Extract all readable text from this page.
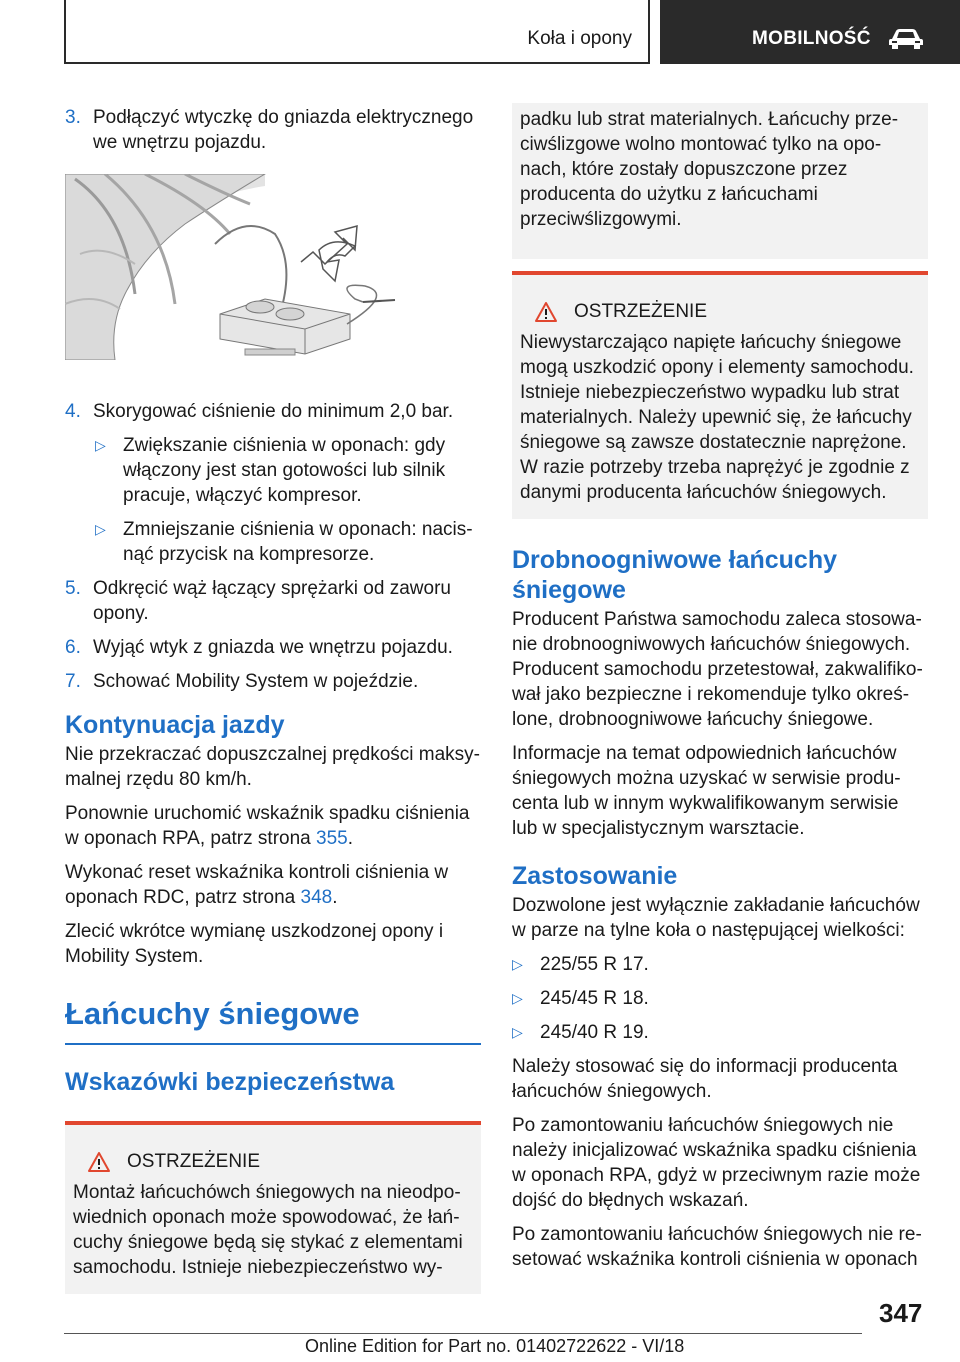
Koła i opony	MOBILNOŚĆ
3. Podłączyć wtyczkę do gniazda elektrycznego we wnętrzu pojazdu.
4. Skorygować ciśnienie do minimum 2,0 bar.
▷ Zwiększanie ciśnienia w oponach: gdy włączony jest stan gotowości lub silnik pracuje, włączyć kompresor.
▷ Zmniejszanie ciśnienia w oponach: nacisnąć przycisk na kompresorze.
5. Odkręcić wąż łączący sprężarki od zaworu opony.
6. Wyjąć wtyk z gniazda we wnętrzu pojazdu.
7. Schować Mobility System w pojeździe.
Kontynuacja jazdy

Nie przekraczać dopuszczalnej prędkości maksymalnej rzędu 80 km/h.

Ponownie uruchomić wskaźnik spadku ciśnienia w oponach RPA, patrz strona 355.

Wykonać reset wskaźnika kontroli ciśnienia w oponach RDC, patrz strona 348.

Zlecić wkrótce wymianę uszkodzonej opony i Mobility System.

Łańcuchy śniegowe
Wskazówki bezpieczeństwa
OSTRZEŻENIE

Montaż łańcuchówch śniegowych na nieodpowiednich oponach może spowodować, że łańcuchy śniegowe będą się stykać z elementami samochodu. Istnieje niebezpieczeństwo wy-

padku lub strat materialnych. Łańcuchy przeciwślizgowe wolno montować tylko na oponach, które zostały dopuszczone przez producenta do użytku z łańcuchami przeciwślizgowymi.

OSTRZEŻENIE

Niewystarczająco napięte łańcuchy śniegowe mogą uszkodzić opony i elementy samochodu. Istnieje niebezpieczeństwo wypadku lub strat materialnych. Należy upewnić się, że łańcuchy śniegowe są zawsze dostatecznie naprężone. W razie potrzeby trzeba naprężyć je zgodnie z danymi producenta łańcuchów śniegowych.

Drobnoogniwowe łańcuchy śniegowe

Producent Państwa samochodu zaleca stosowanie drobnoogniwowych łańcuchów śniegowych. Producent samochodu przetestował, zakwalifikował jako bezpieczne i rekomenduje tylko określone, drobnoogniwowe łańcuchy śniegowe.

Informacje na temat odpowiednich łańcuchów śniegowych można uzyskać w serwisie producenta lub w innym wykwalifikowanym serwisie lub w specjalistycznym warsztacie.

Zastosowanie

Dozwolone jest wyłącznie zakładanie łańcuchów w parze na tylne koła o następującej wielkości:

▷ 225/55 R 17.
▷ 245/45 R 18.
▷ 245/40 R 19.

Należy stosować się do informacji producenta łańcuchów śniegowych.

Po zamontowaniu łańcuchów śniegowych nie należy inicjalizować wskaźnika spadku ciśnienia w oponach RPA, gdyż w przeciwnym razie może dojść do błędnych wskazań.

Po zamontowaniu łańcuchów śniegowych nie resetować wskaźnika kontroli ciśnienia w oponach

347
Online Edition for Part no. 01402722622 - VI/18
